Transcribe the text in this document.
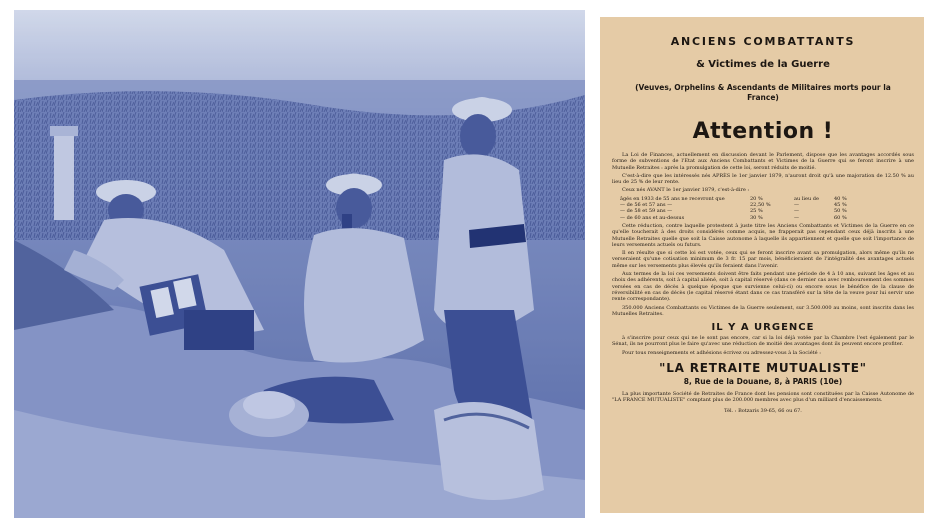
ANCIENS COMBATTANTS

& Victimes de la Guerre

(Veuves, Orphelins & Ascendants de Militaires morts pour la France)

Attention !

La Loi de Finances, actuellement en discussion devant le Parlement, dispose que les avantages accordés sous forme de subventions de l'Etat aux Anciens Combattants et Victimes de la Guerre qui se feront inscrire à une Mutuelle Retraites : après la promulgation de cette loi, seront réduits de moitié.

C'est-à-dire que les intéressés nés APRÈS le 1er janvier 1879, n'auront droit qu'à une majoration de 12.50 % au lieu de 25 % de leur rente.

Ceux nés AVANT le 1er janvier 1879, c'est-à-dire :

âgés en 1933 de 55 ans ne recevront que	20 %	au lieu de	40 %
— de 56 et 57 ans —	22,50 %	—	45 %
— de 58 et 59 ans —	25 %	—	50 %
— de 60 ans et au-dessus	30 %	—	60 %

Cette réduction, contre laquelle protestent à juste titre les Anciens Combattants et Victimes de la Guerre en ce qu'elle toucherait à des droits considérés comme acquis, ne frapperait pas cependant ceux déjà inscrits à une Mutuelle Retraites quelle que soit la Caisse autonome à laquelle ils appartiennent et quelle que soit l'importance de leurs versements actuels ou futurs.

Il en résulte que si cette loi est votée, ceux qui se feront inscrire avant sa promulgation, alors même qu'ils ne verseraient qu'une cotisation minimum de 3 fr. 15 par mois, bénéficieraient de l'intégralité des avantages actuels même sur les versements plus élevés qu'ils feraient dans l'avenir.

Aux termes de la loi ces versements doivent être faits pendant une période de 4 à 10 ans, suivant les âges et au choix des adhérents, soit à capital aliéné, soit à capital réservé (dans ce dernier cas avec remboursement des sommes versées en cas de décès à quelque époque que survienne celui-ci) ou encore sous le bénéfice de la clause de réversibilité en cas de décès (le capital réservé étant dans ce cas transféré sur la tête de la veuve pour lui servir une rente correspondante).

350.000 Anciens Combattants ou Victimes de la Guerre seulement, sur 3.500.000 au moins, sont inscrits dans les Mutuelles Retraites.

IL Y A URGENCE

à s'inscrire pour ceux qui ne le sont pas encore, car si la loi déjà votée par la Chambre l'est également par le Sénat, ils ne pourront plus le faire qu'avec une réduction de moitié des avantages dont ils peuvent encore profiter.

Pour tous renseignements et adhésions écrivez ou adressez-vous à la Société :

"LA RETRAITE MUTUALISTE"

8, Rue de la Douane, 8, à PARIS (10e)

La plus importante Société de Retraites de France dont les pensions sont constituées par la Caisse Autonome de "LA FRANCE MUTUALISTE" comptant plus de 200.000 membres avec plus d'un milliard d'encaissements.

Tél. : Botzaris 39-65, 66 ou 67.
